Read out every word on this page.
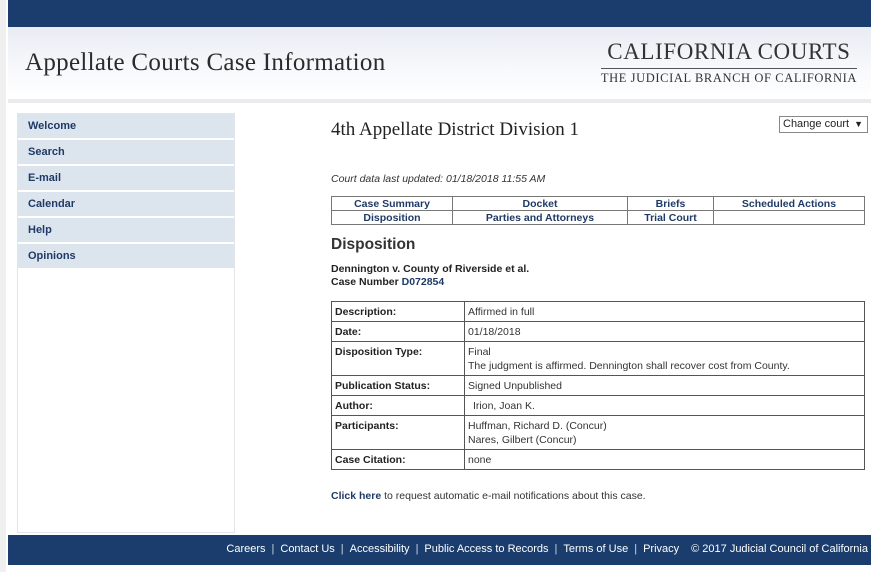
Appellate Courts Case Information	CALIFORNIA COURTS
THE JUDICIAL BRANCH OF CALIFORNIA
Welcome
Search
E-mail
Calendar
Help
Opinions
Change court ▼
4th Appellate District Division 1
Court data last updated: 01/18/2018 11:55 AM
Case Summary	Docket	Briefs	Scheduled Actions
Disposition	Parties and Attorneys	Trial Court	
Disposition
Dennington v. County of Riverside et al.
Case Number D072854
Description:	Affirmed in full
Date:	01/18/2018
Disposition Type:	Final
The judgment is affirmed. Dennington shall recover cost from County.

Publication Status:	Signed Unpublished
Author:	Irion, Joan K.
Participants:	Huffman, Richard D. (Concur)
Nares, Gilbert (Concur)

Case Citation:	none
Click here to request automatic e-mail notifications about this case.
Careers | Contact Us | Accessibility | Public Access to Records | Terms of Use | Privacy © 2017 Judicial Council of California
